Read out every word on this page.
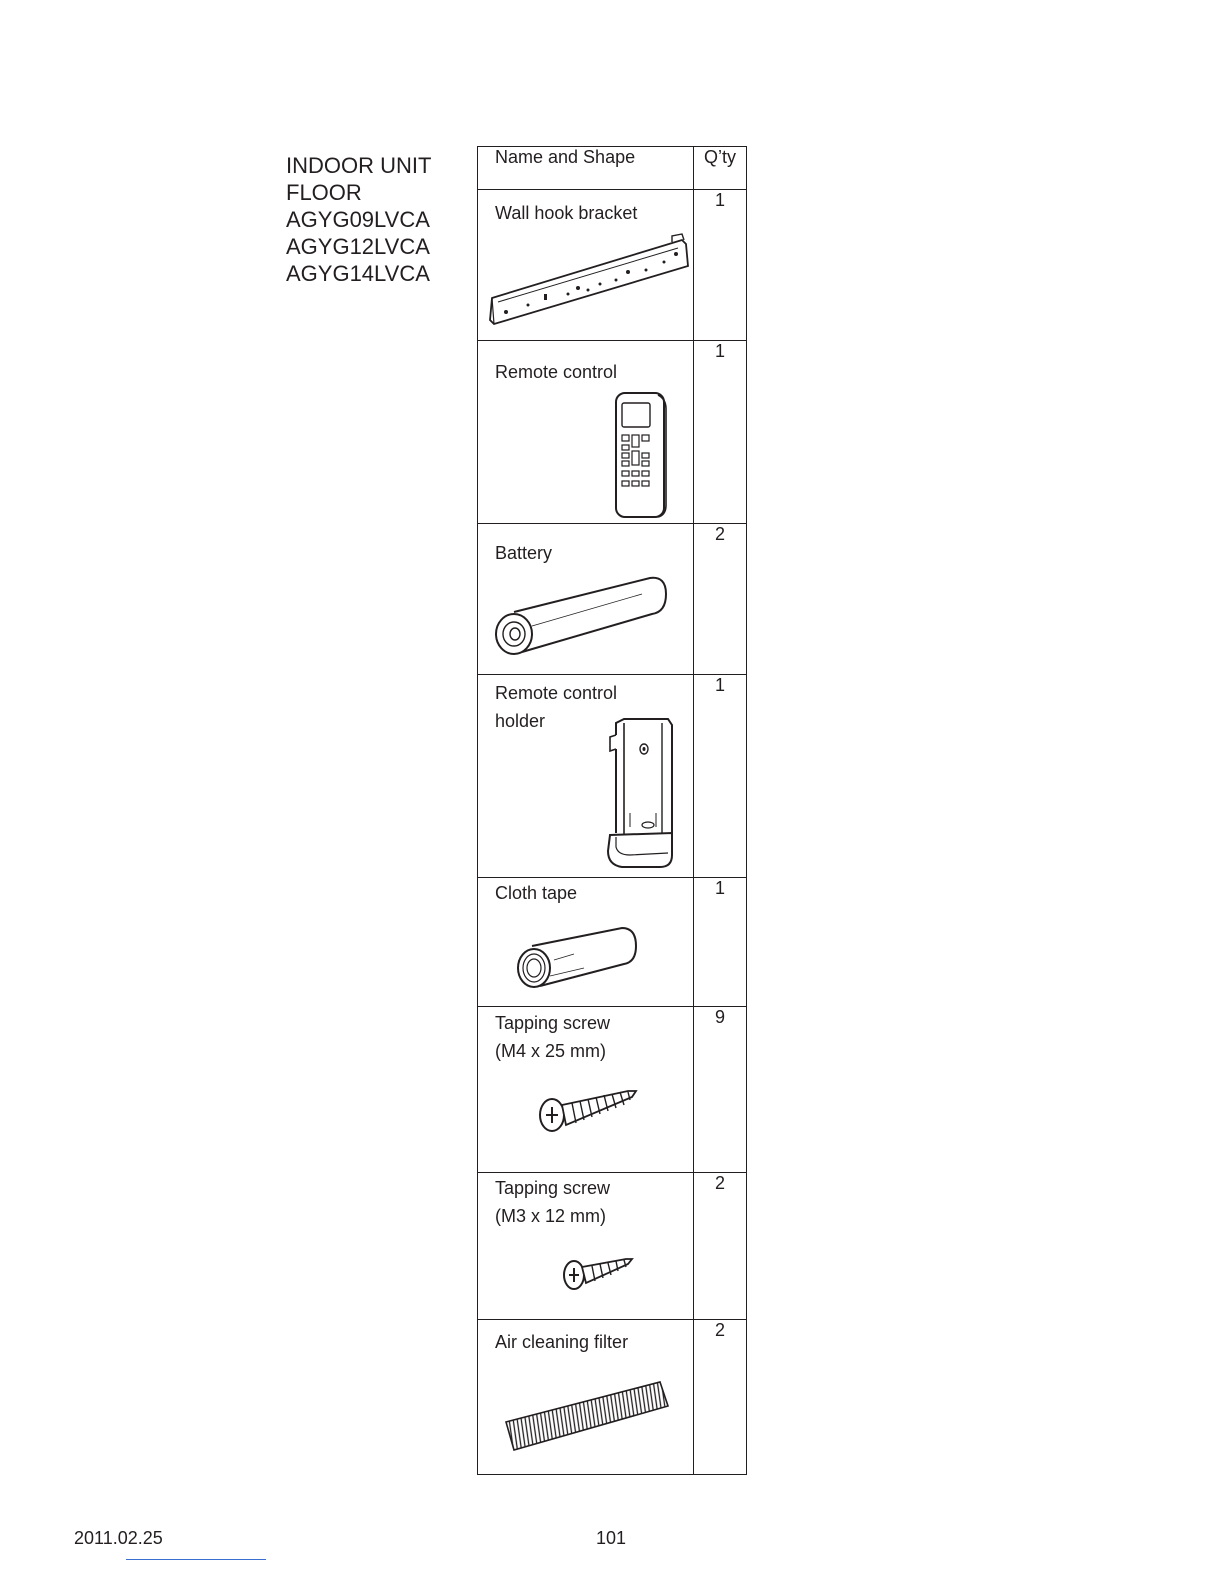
INDOOR UNIT
FLOOR
AGYG09LVCA
AGYG12LVCA
AGYG14LVCA
Name and Shape	Q’ty

Wall hook bracket	1

Remote control	1

Battery	2

Remote control
holder	1

Cloth tape	1

Tapping screw
(M4 x 25 mm)	9

Tapping screw
(M3 x 12 mm)	2

Air cleaning filter	2
2011.02.25	101
